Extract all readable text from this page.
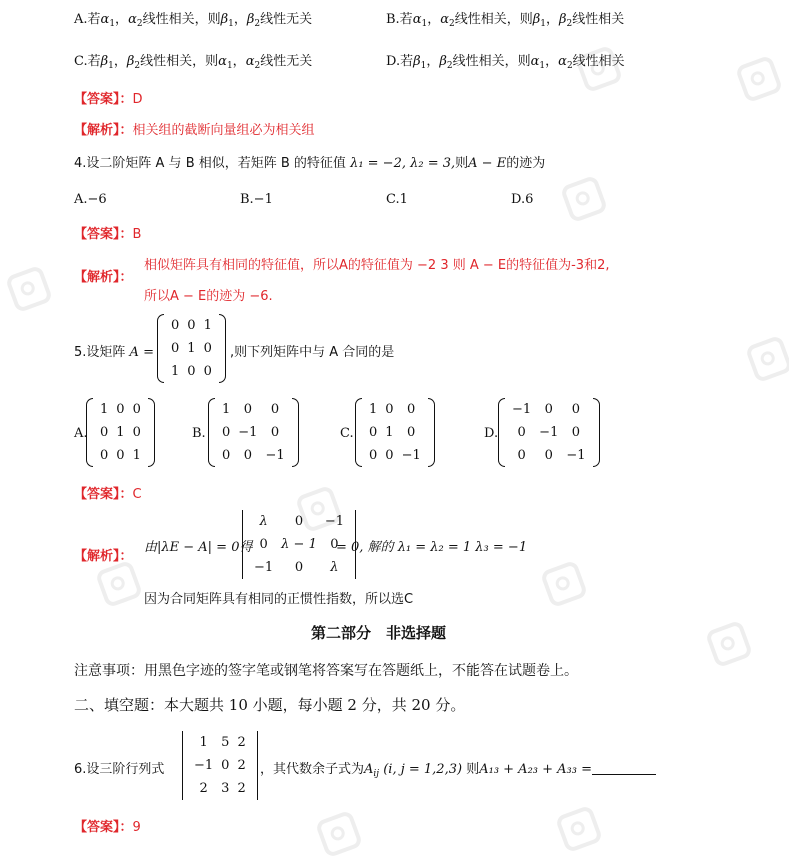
A.若$\alpha_1$，$\alpha_2$线性相关，则$\beta_1$，$\beta_2$线性无关	B.若$\alpha_1$，$\alpha_2$线性相关，则$\beta_1$，$\beta_2$线性相关
C.若$\beta_1$，$\beta_2$线性相关，则$\alpha_1$，$\alpha_2$线性无关	D.若$\beta_1$，$\beta_2$线性相关，则$\alpha_1$，$\alpha_2$线性相关
【答案】：D
【解析】：相关组的截断向量组必为相关组
4.设二阶矩阵 A 与 B 相似，若矩阵 B 的特征值 λ₁ = −2, λ₂ = 3,则A − E的迹为
A.−6	B.−1	C.1	D.6
【答案】：B
【解析】：
相似矩阵具有相同的特征值，所以A的特征值为 −2 3 则 A − E的特征值为-3和2,
所以A − E的迹为 −6.
5.设矩阵 A =
0	0	1
0	1	0
1	0	0
,则下列矩阵中与 A 合同的是
A.
1	0	0
0	1	0
0	0	1
B.
1	0	0
0	−1	0
0	0	−1
C.
1	0	0
0	1	0
0	0	−1
D.
−1	0	0
0	−1	0
0	0	−1
【答案】：C
【解析】：
由|λE − A| = 0得
λ	0	−1
0	λ − 1	0
−1	0	λ
= 0, 解的 λ₁ = λ₂ = 1 λ₃ = −1
因为合同矩阵具有相同的正惯性指数，所以选C
第二部分　非选择题
注意事项：用黑色字迹的签字笔或钢笔将答案写在答题纸上，不能答在试题卷上。
二、填空题：本大题共 10 小题，每小题 2 分，共 20 分。
6.设三阶行列式
1	5	2
−1	0	2
2	3	2
，其代数余子式为$A_{ij}$ (i, j = 1,2,3) 则A₁₃ + A₂₃ + A₃₃ =
【答案】：9
